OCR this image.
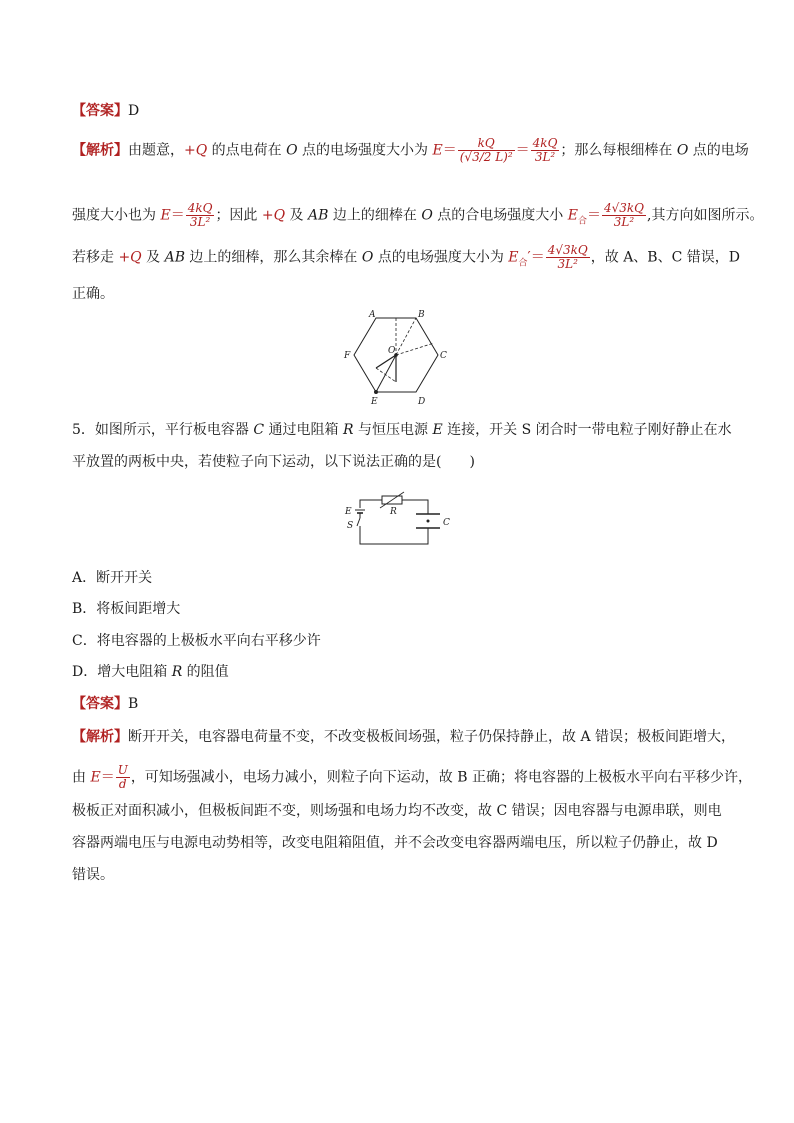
【答案】D
【解析】由题意，+Q 的点电荷在 O 点的电场强度大小为 $E= \frac{kQ}{\text{(√3/2 L)²}} = \frac{4kQ}{\text{3L²}}$ ；那么每根细棒在 O 点的电场
强度大小也为 $E= \frac{4kQ}{\text{3L²}}$ ；因此 +Q 及 AB 边上的细棒在 O 点的合电场强度大小 $E_合= \frac{4√3kQ}{\text{3L²}}$ ,其方向如图所示。
若移走 +Q 及 AB 边上的细棒，那么其余棒在 O 点的电场强度大小为 $E_合'= \frac{4√3kQ}{\text{3L²}}$ ，故 A、B、C 错误，D
正确。
A	B
C
D
E
F	O
5．如图所示，平行板电容器 C 通过电阻箱 R 与恒压电源 E 连接，开关 S 闭合时一带电粒子刚好静止在水
平放置的两板中央，若使粒子向下运动，以下说法正确的是(　　)
R
E
S	C
A．断开开关
B．将板间距增大
C．将电容器的上极板水平向右平移少许
D．增大电阻箱 R 的阻值
【答案】B
【解析】断开开关，电容器电荷量不变，不改变极板间场强，粒子仍保持静止，故 A 错误；极板间距增大，
由 $E= \frac{U}{d}$ ，可知场强减小，电场力减小，则粒子向下运动，故 B 正确；将电容器的上极板水平向右平移少许，
极板正对面积减小，但极板间距不变，则场强和电场力均不改变，故 C 错误；因电容器与电源串联，则电
容器两端电压与电源电动势相等，改变电阻箱阻值，并不会改变电容器两端电压，所以粒子仍静止，故 D
错误。
